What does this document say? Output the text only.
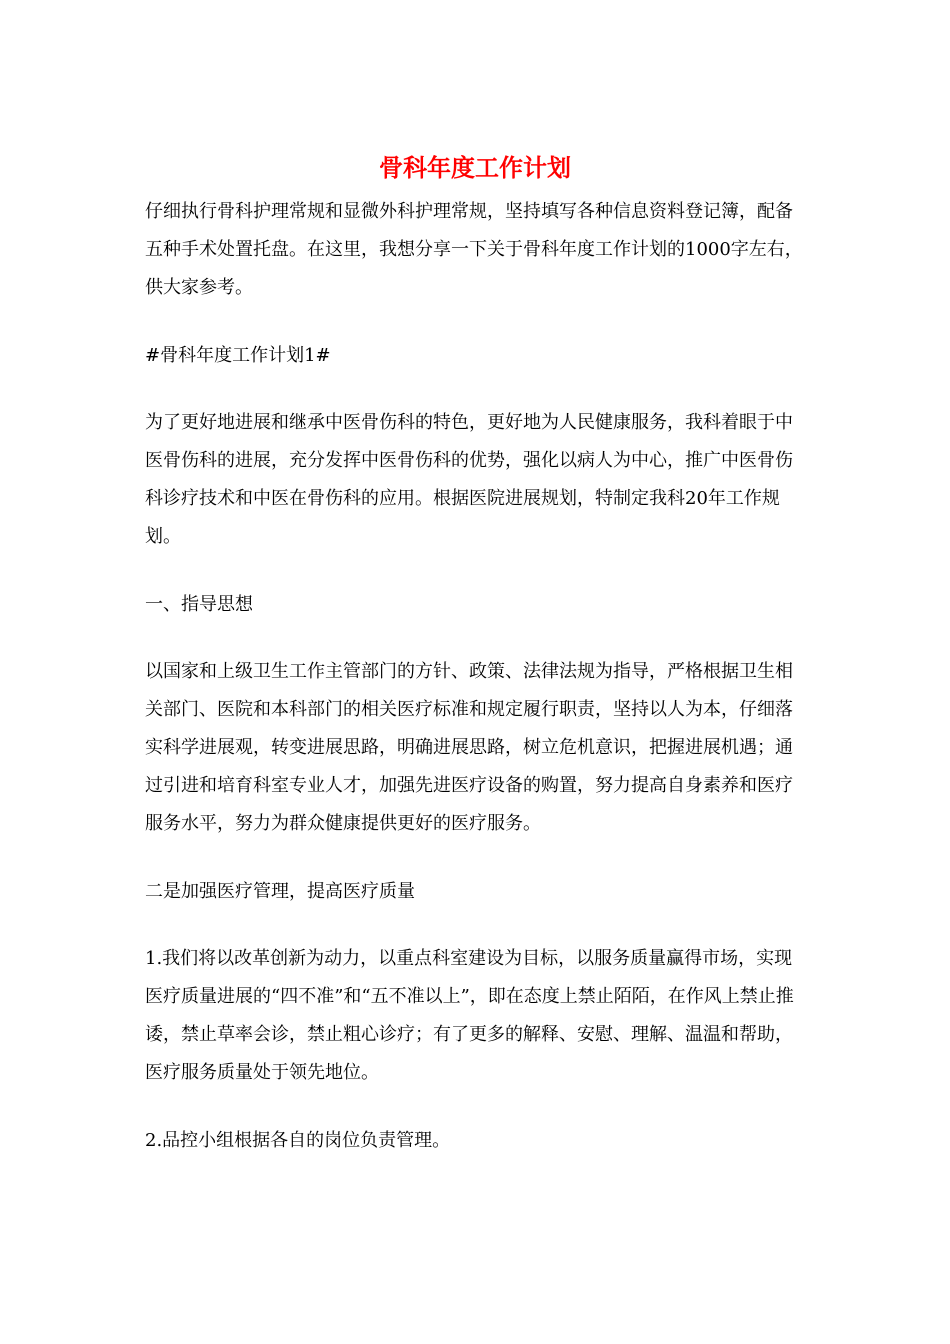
骨科年度工作计划

仔细执行骨科护理常规和显微外科护理常规，坚持填写各种信息资料登记簿，配备五种手术处置托盘。在这里，我想分享一下关于骨科年度工作计划的1000字左右，供大家参考。

#骨科年度工作计划1#

为了更好地进展和继承中医骨伤科的特色，更好地为人民健康服务，我科着眼于中医骨伤科的进展，充分发挥中医骨伤科的优势，强化以病人为中心，推广中医骨伤科诊疗技术和中医在骨伤科的应用。根据医院进展规划，特制定我科20年工作规划。

一、指导思想

以国家和上级卫生工作主管部门的方针、政策、法律法规为指导，严格根据卫生相关部门、医院和本科部门的相关医疗标准和规定履行职责，坚持以人为本，仔细落实科学进展观，转变进展思路，明确进展思路，树立危机意识，把握进展机遇；通过引进和培育科室专业人才，加强先进医疗设备的购置，努力提高自身素养和医疗服务水平，努力为群众健康提供更好的医疗服务。

二是加强医疗管理，提高医疗质量

1.我们将以改革创新为动力，以重点科室建设为目标，以服务质量赢得市场，实现医疗质量进展的“四不准”和“五不准以上”，即在态度上禁止陌陌，在作风上禁止推诿，禁止草率会诊，禁止粗心诊疗；有了更多的解释、安慰、理解、温温和帮助，医疗服务质量处于领先地位。

2.品控小组根据各自的岗位负责管理。
